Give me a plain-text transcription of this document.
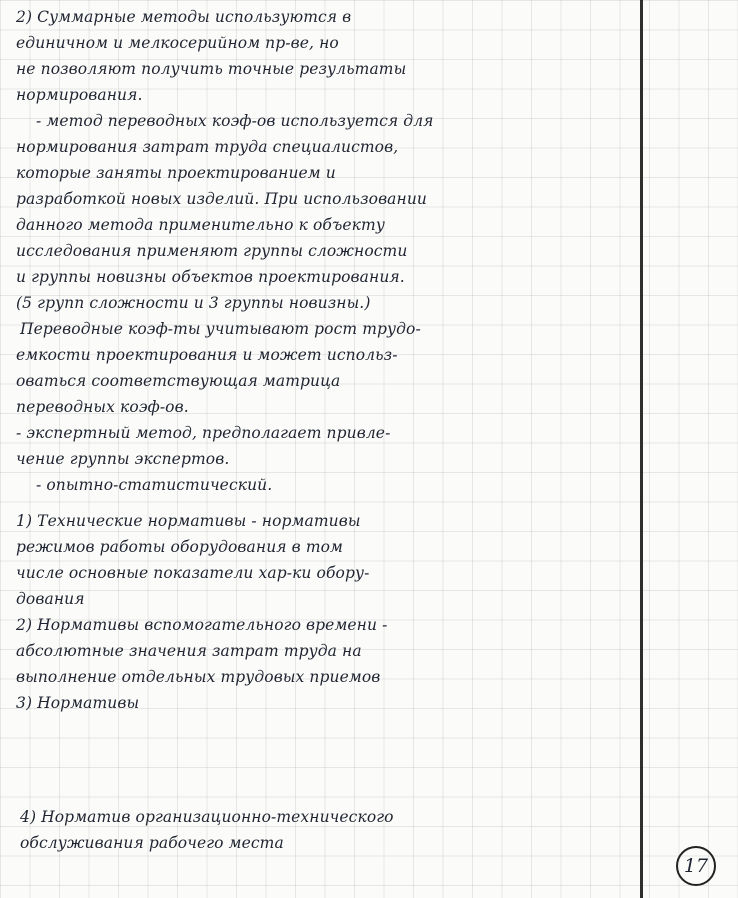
2) Суммарные методы используются в
единичном и мелкосерийном пр-ве, но
не позволяют получить точные результаты
нормирования.
- метод переводных коэф-ов используется для
нормирования затрат труда специалистов,
которые заняты проектированием и
разработкой новых изделий. При использовании
данного метода применительно к объекту
исследования применяют группы сложности
и группы новизны объектов проектирования.
(5 групп сложности и 3 группы новизны.)
Переводные коэф-ты учитывают рост трудо-
емкости проектирования и может использ-
оваться соответствующая матрица
переводных коэф-ов.
- экспертный метод, предполагает привле-
чение группы экспертов.
- опытно-статистический.
1) Технические нормативы - нормативы
режимов работы оборудования в том
числе основные показатели хар-ки обору-
дования
2) Нормативы вспомогательного времени -
абсолютные значения затрат труда на
выполнение отдельных трудовых приемов
3) Нормативы
4) Норматив организационно-технического
обслуживания рабочего места
17
